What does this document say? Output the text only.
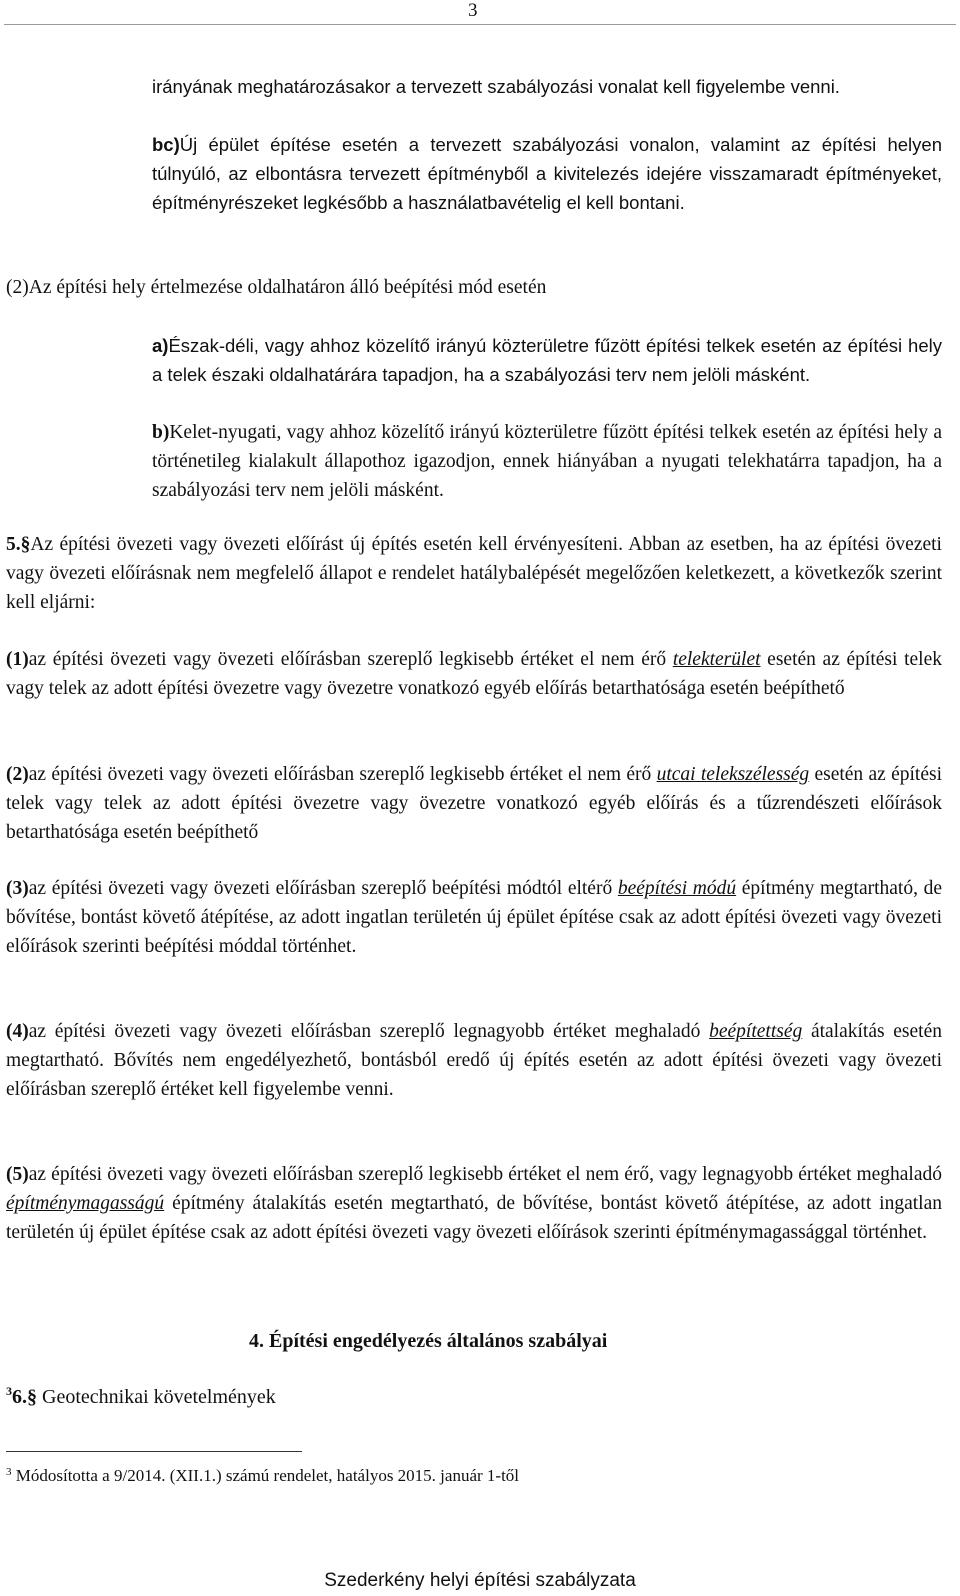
3

irányának meghatározásakor a tervezett szabályozási vonalat kell figyelembe venni.

bc)Új épület építése esetén a tervezett szabályozási vonalon, valamint az építési helyen túlnyúló, az elbontásra tervezett építményből a kivitelezés idejére visszamaradt építményeket, építményrészeket legkésőbb a használatbavételig el kell bontani.

(2)Az építési hely értelmezése oldalhatáron álló beépítési mód esetén

a)Észak-déli, vagy ahhoz közelítő irányú közterületre fűzött építési telkek esetén az építési hely a telek északi oldalhatárára tapadjon, ha a szabályozási terv nem jelöli másként.

b)Kelet-nyugati, vagy ahhoz közelítő irányú közterületre fűzött építési telkek esetén az építési hely a történetileg kialakult állapothoz igazodjon, ennek hiányában a nyugati telekhatárra tapadjon, ha a szabályozási terv nem jelöli másként.

5.§Az építési övezeti vagy övezeti előírást új építés esetén kell érvényesíteni. Abban az esetben, ha az építési övezeti vagy övezeti előírásnak nem megfelelő állapot e rendelet hatálybalépését megelőzően keletkezett, a következők szerint kell eljárni:

(1)az építési övezeti vagy övezeti előírásban szereplő legkisebb értéket el nem érő telekterület esetén az építési telek vagy telek az adott építési övezetre vagy övezetre vonatkozó egyéb előírás betarthatósága esetén beépíthető

(2)az építési övezeti vagy övezeti előírásban szereplő legkisebb értéket el nem érő utcai telekszélesség esetén az építési telek vagy telek az adott építési övezetre vagy övezetre vonatkozó egyéb előírás és a tűzrendészeti előírások betarthatósága esetén beépíthető

(3)az építési övezeti vagy övezeti előírásban szereplő beépítési módtól eltérő beépítési módú építmény megtartható, de bővítése, bontást követő átépítése, az adott ingatlan területén új épület építése csak az adott építési övezeti vagy övezeti előírások szerinti beépítési móddal történhet.

(4)az építési övezeti vagy övezeti előírásban szereplő legnagyobb értéket meghaladó beépítettség átalakítás esetén megtartható. Bővítés nem engedélyezhető, bontásból eredő új építés esetén az adott építési övezeti vagy övezeti előírásban szereplő értéket kell figyelembe venni.

(5)az építési övezeti vagy övezeti előírásban szereplő legkisebb értéket el nem érő, vagy legnagyobb értéket meghaladó építménymagasságú építmény átalakítás esetén megtartható, de bővítése, bontást követő átépítése, az adott ingatlan területén új épület építése csak az adott építési övezeti vagy övezeti előírások szerinti építménymagassággal történhet.

4. Építési engedélyezés általános szabályai
$^3$6.§ Geotechnikai követelmények
$^3$ Módosította a 9/2014. (XII.1.) számú rendelet, hatályos 2015. január 1-től
Szederkény helyi építési szabályzata
